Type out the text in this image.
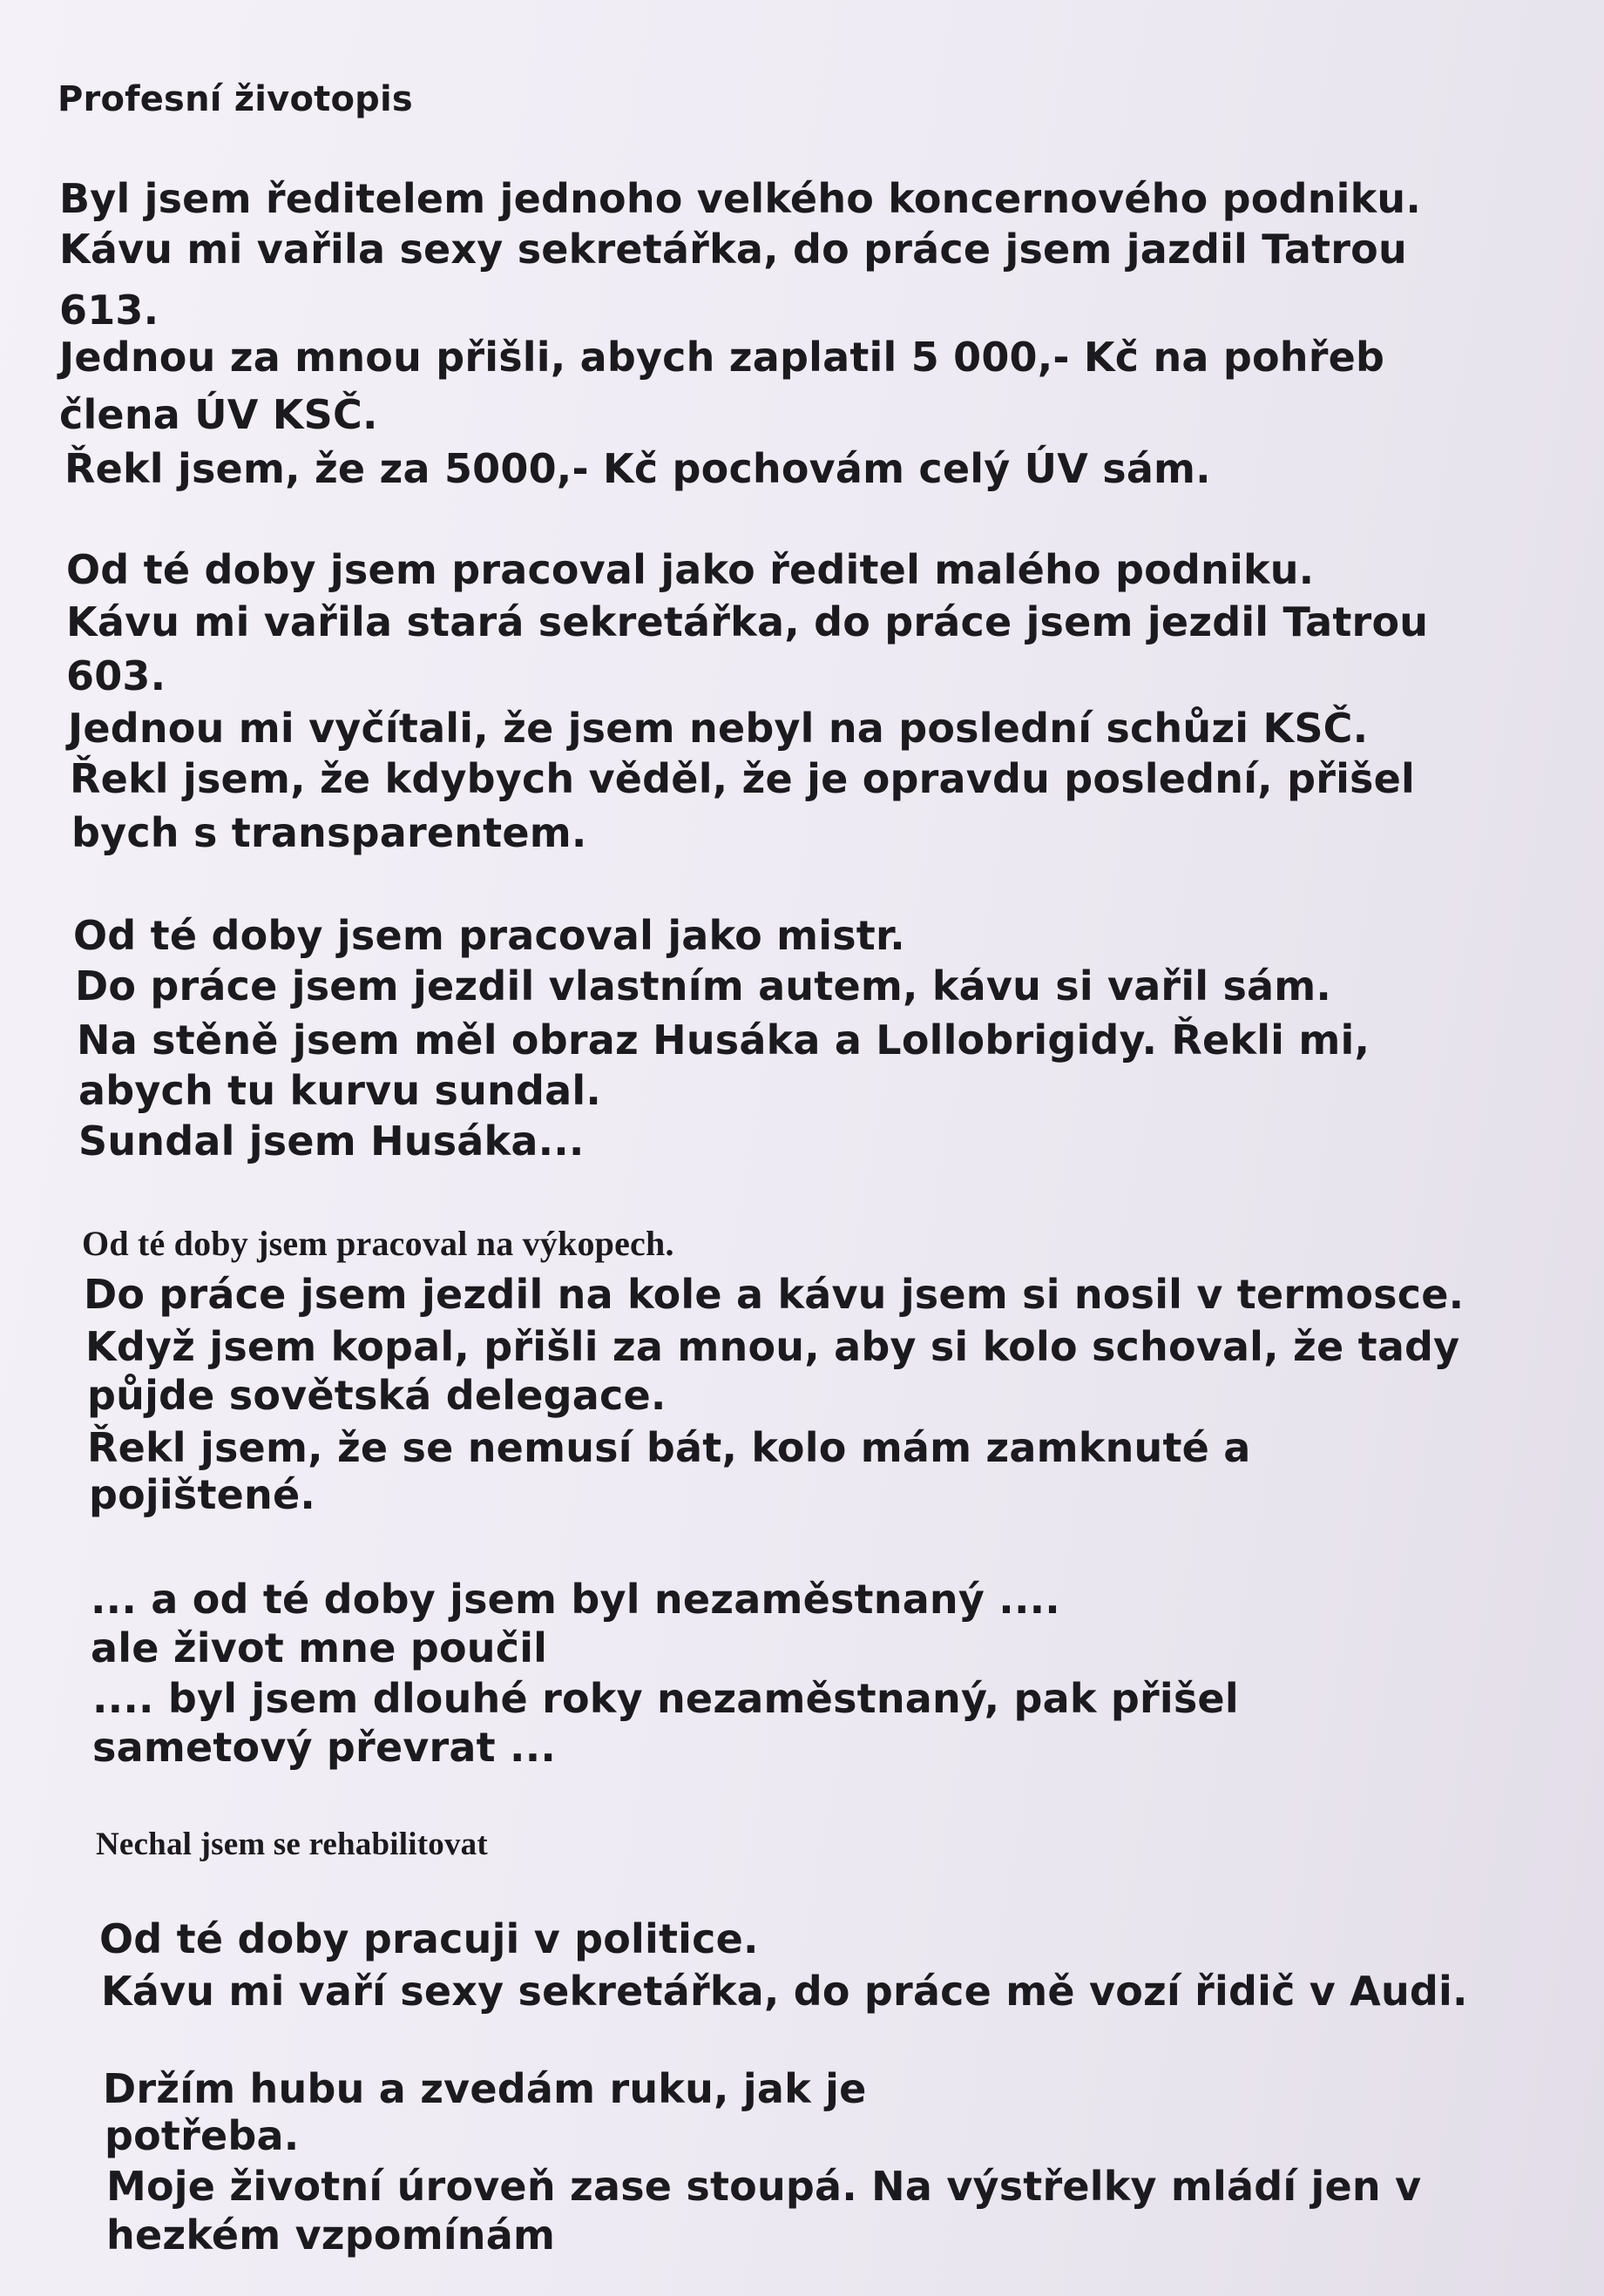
Profesní životopis

Byl jsem ředitelem jednoho velkého koncernového podniku.

Kávu mi vařila sexy sekretářka, do práce jsem jazdil Tatrou

613.

Jednou za mnou přišli, abych zaplatil 5 000,- Kč na pohřeb

člena ÚV KSČ.

Řekl jsem, že za 5000,- Kč pochovám celý ÚV sám.

Od té doby jsem pracoval jako ředitel malého podniku.

Kávu mi vařila stará sekretářka, do práce jsem jezdil Tatrou

603.

Jednou mi vyčítali, že jsem nebyl na poslední schůzi KSČ.

Řekl jsem, že kdybych věděl, že je opravdu poslední, přišel

bych s transparentem.

Od té doby jsem pracoval jako mistr.

Do práce jsem jezdil vlastním autem, kávu si vařil sám.

Na stěně jsem měl obraz Husáka a Lollobrigidy. Řekli mi,

abych tu kurvu sundal.

Sundal jsem Husáka...

Od té doby jsem pracoval na výkopech.

Do práce jsem jezdil na kole a kávu jsem si nosil v termosce.

Když jsem kopal, přišli za mnou, aby si kolo schoval, že tady

půjde sovětská delegace.

Řekl jsem, že se nemusí bát, kolo mám zamknuté a

pojištené.

... a od té doby jsem byl nezaměstnaný ....

ale život mne poučil

.... byl jsem dlouhé roky nezaměstnaný, pak přišel

sametový převrat ...

Nechal jsem se rehabilitovat

Od té doby pracuji v politice.

Kávu mi vaří sexy sekretářka, do práce mě vozí řidič v Audi.

Držím hubu a zvedám ruku, jak je

potřeba.

Moje životní úroveň zase stoupá. Na výstřelky mládí jen v

hezkém vzpomínám
